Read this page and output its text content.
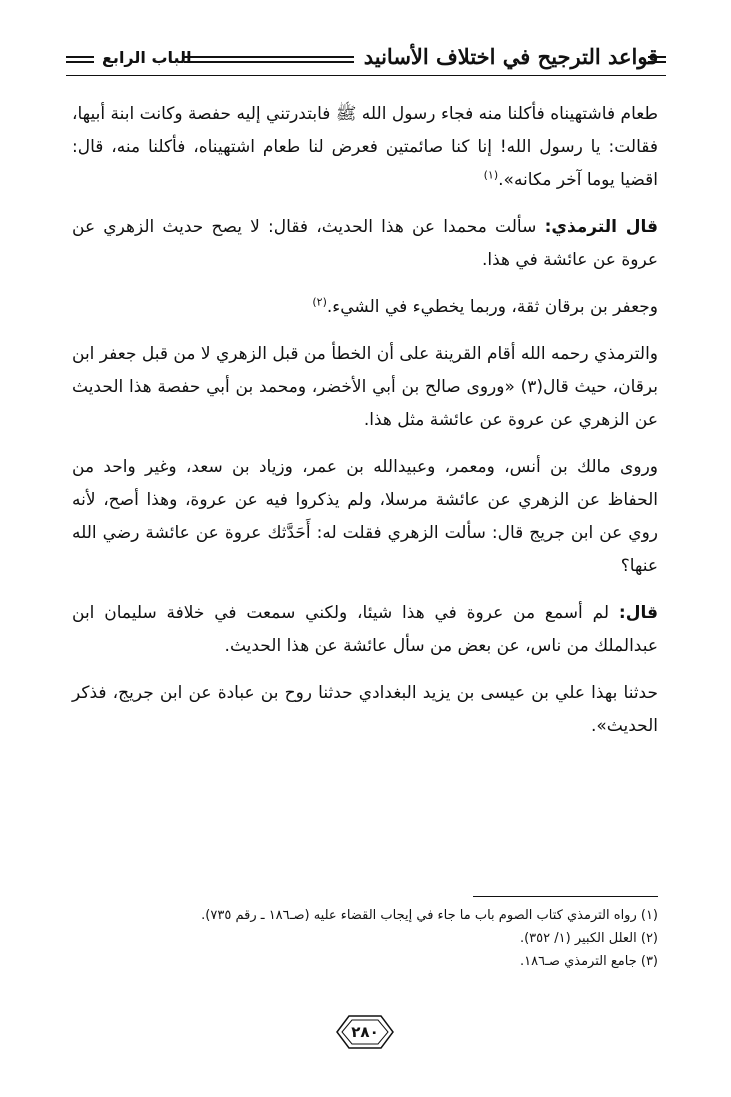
قواعد الترجيح في اختلاف الأسانيد
الباب الرابع

طعام فاشتهيناه فأكلنا منه فجاء رسول الله ﷺ فابتدرتني إليه حفصة وكانت ابنة أبيها، فقالت: يا رسول الله! إنا كنا صائمتين فعرض لنا طعام اشتهيناه، فأكلنا منه، قال: اقضيا يوما آخر مكانه».$^{(١)}$

قال الترمذي: سألت محمدا عن هذا الحديث، فقال: لا يصح حديث الزهري عن عروة عن عائشة في هذا.

وجعفر بن برقان ثقة، وربما يخطيء في الشيء.$^{(٢)}$

والترمذي رحمه الله أقام القرينة على أن الخطأ من قبل الزهري لا من قبل جعفر ابن برقان، حيث قال(٣) «وروى صالح بن أبي الأخضر، ومحمد بن أبي حفصة هذا الحديث عن الزهري عن عروة عن عائشة مثل هذا.

وروى مالك بن أنس، ومعمر، وعبيدالله بن عمر، وزياد بن سعد، وغير واحد من الحفاظ عن الزهري عن عائشة مرسلا، ولم يذكروا فيه عن عروة، وهذا أصح، لأنه روي عن ابن جريج قال: سألت الزهري فقلت له: أَحَدَّثك عروة عن عائشة رضي الله عنها؟

قال: لم أسمع من عروة في هذا شيئا، ولكني سمعت في خلافة سليمان ابن عبدالملك من ناس، عن بعض من سأل عائشة عن هذا الحديث.

حدثنا بهذا علي بن عيسى بن يزيد البغدادي حدثنا روح بن عبادة عن ابن جريج، فذكر الحديث».

(١) رواه الترمذي كتاب الصوم باب ما جاء في إيجاب القضاء عليه (صـ١٨٦ ـ رقم ٧٣٥).
(٢) العلل الكبير (١/ ٣٥٢).
(٣) جامع الترمذي صـ١٨٦.
٢٨٠
